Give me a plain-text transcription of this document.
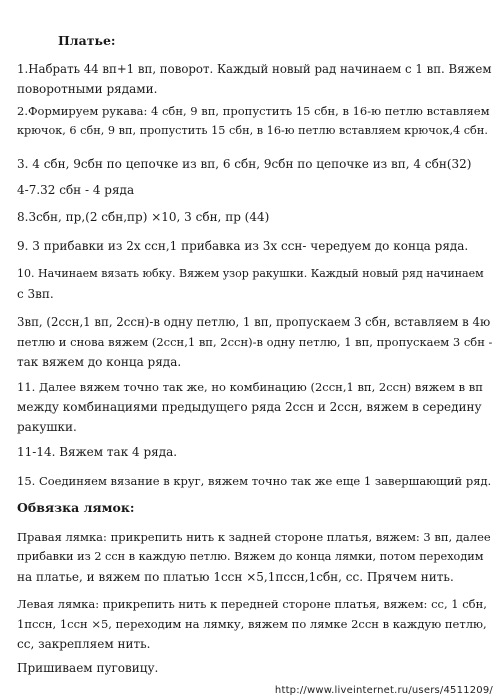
Платье:
1.Набрать 44 вп+1 вп, поворот. Каждый новый рад начинаем с 1 вп. Вяжем
поворотными рядами.
2.Формируем рукава: 4 сбн, 9 вп, пропустить 15 сбн, в 16-ю петлю вставляем
крючок, 6 сбн, 9 вп, пропустить 15 сбн, в 16-ю петлю вставляем крючок,4 сбн.
3. 4 сбн, 9сбн по цепочке из вп, 6 сбн, 9сбн по цепочке из вп, 4 сбн(32)
4-7.32 сбн - 4 ряда
8.3сбн, пр,(2 сбн,пр) ×10, 3 сбн, пр (44)
9. 3 прибавки из 2х ссн,1 прибавка из 3х ссн- чередуем до конца ряда.
10. Начинаем вязать юбку. Вяжем узор ракушки. Каждый новый ряд начинаем
с 3вп.
3вп, (2ссн,1 вп, 2ссн)-в одну петлю, 1 вп, пропускаем 3 сбн, вставляем в 4ю
петлю и снова вяжем (2ссн,1 вп, 2ссн)-в одну петлю, 1 вп, пропускаем 3 сбн -
так вяжем до конца ряда.
11. Далее вяжем точно так же, но комбинацию (2ссн,1 вп, 2ссн) вяжем в вп
между комбинациями предыдущего ряда 2ссн и 2ссн, вяжем в середину
ракушки.
11-14. Вяжем так 4 ряда.
15. Соединяем вязание в круг, вяжем точно так же еще 1 завершающий ряд.
Обвязка лямок:
Правая лямка: прикрепить нить к задней стороне платья, вяжем: 3 вп, далее
прибавки из 2 ссн в каждую петлю. Вяжем до конца лямки, потом переходим
на платье, и вяжем по платью 1ссн ×5,1пссн,1сбн, сс. Прячем нить.
Левая лямка: прикрепить нить к передней стороне платья, вяжем: сс, 1 сбн,
1пссн, 1ссн ×5, переходим на лямку, вяжем по лямке 2ссн в каждую петлю,
сс, закрепляем нить.
Пришиваем пуговицу.
http://www.liveinternet.ru/users/4511209/
